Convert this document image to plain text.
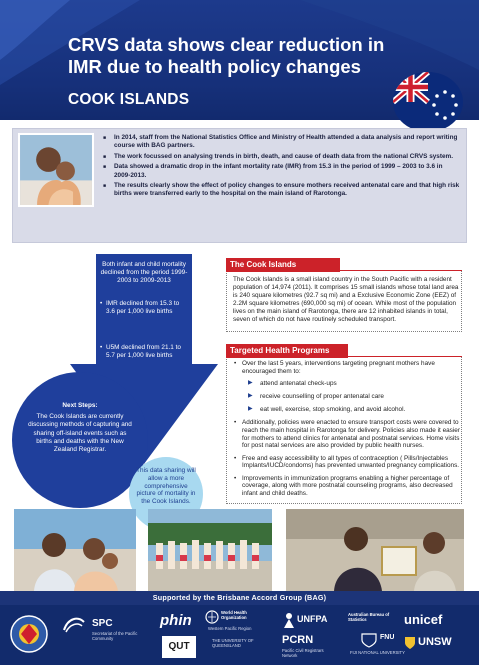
CRVS data shows clear reduction in IMR due to health policy changes
COOK ISLANDS
■ In 2014, staff from the National Statistics Office and Ministry of Health attended a data analysis and report writing course with BAG partners.
■ The work focussed on analysing trends in birth, death, and cause of death data from the national CRVS system.
■ Data showed a dramatic drop in the infant mortality rate (IMR) from 15.3 in the period of 1999 – 2003 to 3.6 in 2009-2013.
■ The results clearly show the effect of policy changes to ensure mothers received antenatal care and that high risk births were transferred early to the hospital on the main island of Rarotonga.
Both infant and child mortality declined from the period 1999-2003 to 2009-2013
• IMR declined from 15.3 to 3.6 per 1,000 live births
• U5M declined from 21.1 to 5.7 per 1,000 live births
Next Steps:
The Cook Islands are currently discussing methods of capturing and sharing off-island events such as births and deaths with the New Zealand Registrar.
This data sharing will allow a more comprehensive picture of mortality in the Cook Islands.
The Cook Islands
The Cook Islands is a small island country in the South Pacific with a resident population of 14,974 (2011). It comprises 15 small islands whose total land area is 240 square kilometres (92.7 sq mi) and a Exclusive Economic Zone (EEZ) of 2.2M square kilometres (690,000 sq mi) of ocean. While most of the population lives on the main island of Rarotonga, there are 12 inhabited islands in total, seven of which do not have routinely scheduled transport.
Targeted Health Programs
• Over the last 5 years, interventions targeting pregnant mothers have encouraged them to:
▶ attend antenatal check-ups
▶ receive counselling of proper antenatal care
▶ eat well, exercise, stop smoking, and avoid alcohol.
• Additionally, policies were enacted to ensure transport costs were covered to reach the main hospital in Rarotonga for delivery. Policies also made it easier for mothers to attend clinics for antenatal and postnatal services. Home visits for post natal services are also provided by public health nurses.
• Free and easy accessibility to all types of contraception ( Pills/Injectables Implants/IUCD/condoms) has prevented unwanted pregnancy complications.
• Improvements in immunization programs enabling a higher percentage of coverage, along with more postnatal counseling programs, also decreased infant and child deaths.
Supported by the Brisbane Accord Group (BAG)
SPC
Secretariat of the Pacific Community
phin
QUT
World Health Organization
Western Pacific Region
THE UNIVERSITY OF QUEENSLAND
UNFPA
PCRN
Pacific Civil Registrars Network
Australian Bureau of Statistics
FNU
FIJI NATIONAL UNIVERSITY
unicef
UNSW
